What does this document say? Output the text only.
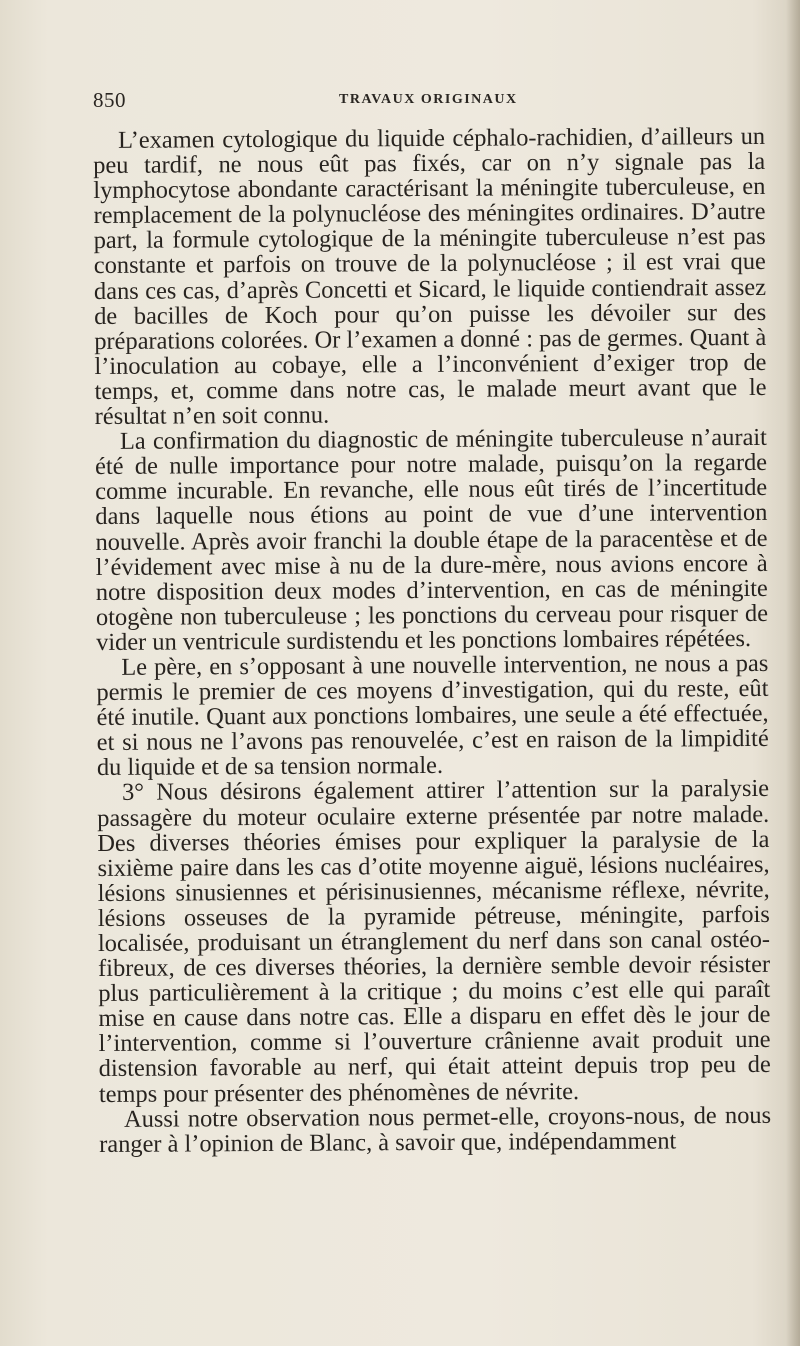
850	TRAVAUX ORIGINAUX

L’examen cytologique du liquide céphalo-rachidien, d’ailleurs un peu tardif, ne nous eût pas fixés, car on n’y signale pas la lymphocytose abondante caractérisant la méningite tuberculeuse, en remplacement de la polynucléose des méningites ordinaires. D’autre part, la formule cytologique de la méningite tuberculeuse n’est pas constante et parfois on trouve de la polynucléose ; il est vrai que dans ces cas, d’après Concetti et Sicard, le liquide contiendrait assez de bacilles de Koch pour qu’on puisse les dévoiler sur des préparations colorées. Or l’examen a donné : pas de germes. Quant à l’inoculation au cobaye, elle a l’inconvénient d’exiger trop de temps, et, comme dans notre cas, le malade meurt avant que le résultat n’en soit connu.

La confirmation du diagnostic de méningite tuberculeuse n’aurait été de nulle importance pour notre malade, puisqu’on la regarde comme incurable. En revanche, elle nous eût tirés de l’incertitude dans laquelle nous étions au point de vue d’une intervention nouvelle. Après avoir franchi la double étape de la paracentèse et de l’évidement avec mise à nu de la dure-mère, nous avions encore à notre disposition deux modes d’intervention, en cas de méningite otogène non tuberculeuse ; les ponctions du cerveau pour risquer de vider un ventricule surdistendu et les ponctions lombaires répétées.

Le père, en s’opposant à une nouvelle intervention, ne nous a pas permis le premier de ces moyens d’investigation, qui du reste, eût été inutile. Quant aux ponctions lombaires, une seule a été effectuée, et si nous ne l’avons pas renouvelée, c’est en raison de la limpidité du liquide et de sa tension normale.

3° Nous désirons également attirer l’attention sur la paralysie passagère du moteur oculaire externe présentée par notre malade. Des diverses théories émises pour expliquer la paralysie de la sixième paire dans les cas d’otite moyenne aiguë, lésions nucléaires, lésions sinusiennes et périsinusiennes, mécanisme réflexe, névrite, lésions osseuses de la pyramide pétreuse, méningite, parfois localisée, produisant un étranglement du nerf dans son canal ostéo-fibreux, de ces diverses théories, la dernière semble devoir résister plus particulièrement à la critique ; du moins c’est elle qui paraît mise en cause dans notre cas. Elle a disparu en effet dès le jour de l’intervention, comme si l’ouverture crânienne avait produit une distension favorable au nerf, qui était atteint depuis trop peu de temps pour présenter des phénomènes de névrite.

Aussi notre observation nous permet-elle, croyons-nous, de nous ranger à l’opinion de Blanc, à savoir que, indépendamment
